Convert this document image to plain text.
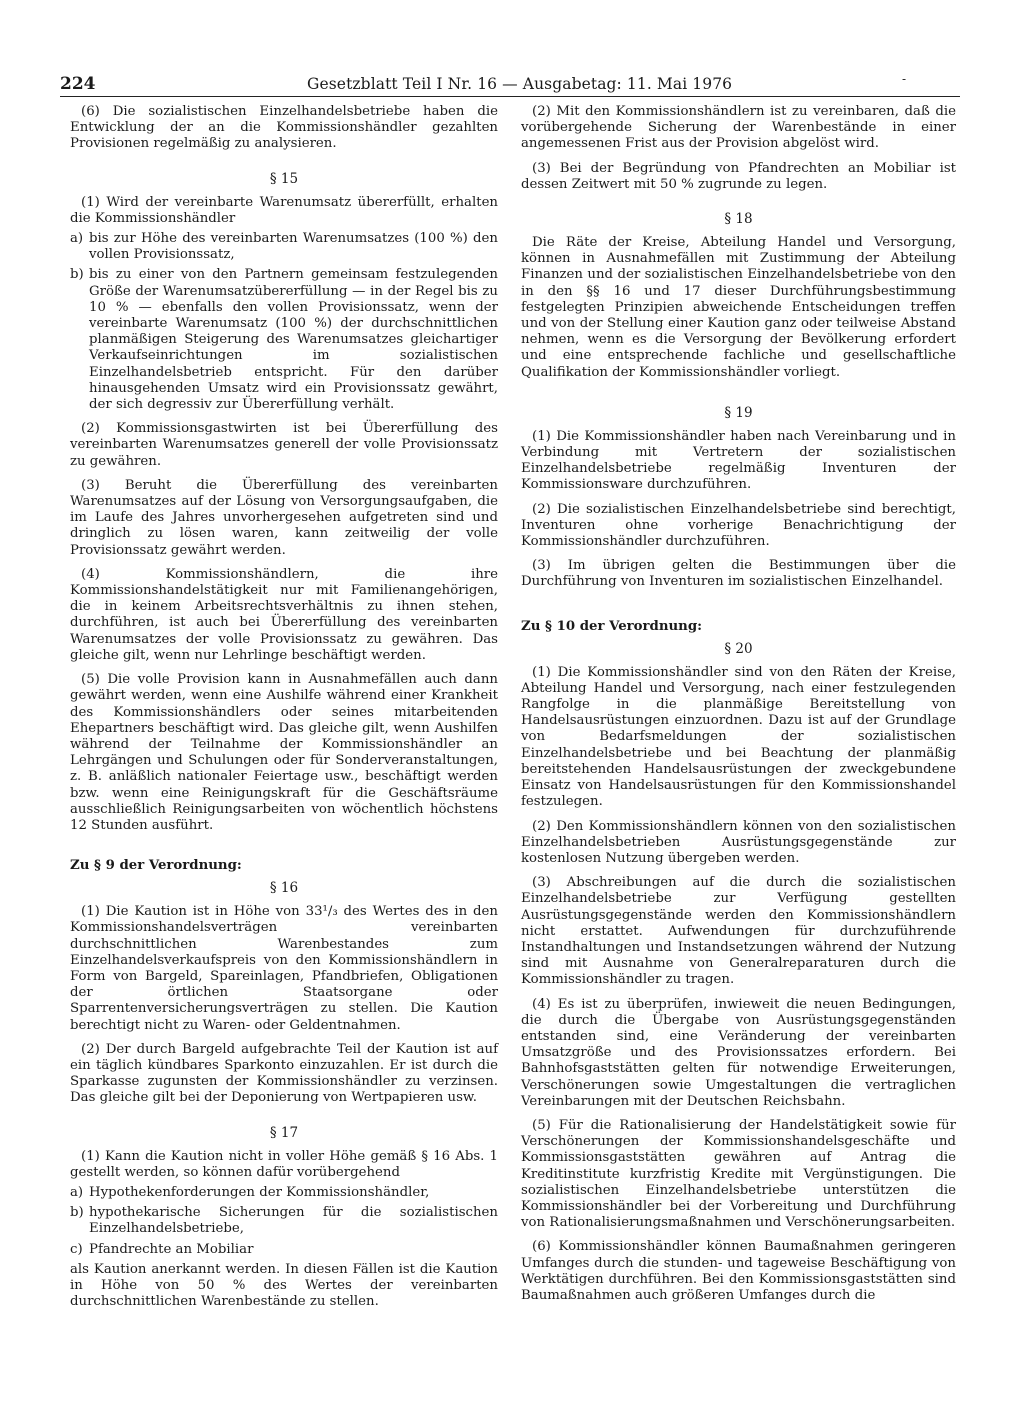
224	Gesetzblatt Teil I Nr. 16 — Ausgabetag: 11. Mai 1976	-

(6) Die sozialistischen Einzelhandelsbetriebe haben die Entwicklung der an die Kommissionshändler gezahlten Provisionen regelmäßig zu analysieren.

§ 15

(1) Wird der vereinbarte Warenumsatz übererfüllt, erhalten die Kommissionshändler

a) bis zur Höhe des vereinbarten Warenumsatzes (100 %) den vollen Provisionssatz,
b) bis zu einer von den Partnern gemeinsam festzulegenden Größe der Warenumsatzübererfüllung — in der Regel bis zu 10 % — ebenfalls den vollen Provisionssatz, wenn der vereinbarte Warenumsatz (100 %) der durchschnittlichen planmäßigen Steigerung des Warenumsatzes gleichartiger Verkaufseinrichtungen im sozialistischen Einzelhandelsbetrieb entspricht. Für den darüber hinausgehenden Umsatz wird ein Provisionssatz gewährt, der sich degressiv zur Übererfüllung verhält.

(2) Kommissionsgastwirten ist bei Übererfüllung des vereinbarten Warenumsatzes generell der volle Provisionssatz zu gewähren.

(3) Beruht die Übererfüllung des vereinbarten Warenumsatzes auf der Lösung von Versorgungsaufgaben, die im Laufe des Jahres unvorhergesehen aufgetreten sind und dringlich zu lösen waren, kann zeitweilig der volle Provisionssatz gewährt werden.

(4) Kommissionshändlern, die ihre Kommissionshandelstätigkeit nur mit Familienangehörigen, die in keinem Arbeitsrechtsverhältnis zu ihnen stehen, durchführen, ist auch bei Übererfüllung des vereinbarten Warenumsatzes der volle Provisionssatz zu gewähren. Das gleiche gilt, wenn nur Lehrlinge beschäftigt werden.

(5) Die volle Provision kann in Ausnahmefällen auch dann gewährt werden, wenn eine Aushilfe während einer Krankheit des Kommissionshändlers oder seines mitarbeitenden Ehepartners beschäftigt wird. Das gleiche gilt, wenn Aushilfen während der Teilnahme der Kommissionshändler an Lehrgängen und Schulungen oder für Sonderveranstaltungen, z. B. anläßlich nationaler Feiertage usw., beschäftigt werden bzw. wenn eine Reinigungskraft für die Geschäftsräume ausschließlich Reinigungsarbeiten von wöchentlich höchstens 12 Stunden ausführt.

Zu § 9 der Verordnung:
§ 16

(1) Die Kaution ist in Höhe von 33¹/₃ des Wertes des in den Kommissionshandelsverträgen vereinbarten durchschnittlichen Warenbestandes zum Einzelhandelsverkaufspreis von den Kommissionshändlern in Form von Bargeld, Spareinlagen, Pfandbriefen, Obligationen der örtlichen Staatsorgane oder Sparrentenversicherungsverträgen zu stellen. Die Kaution berechtigt nicht zu Waren- oder Geldentnahmen.

(2) Der durch Bargeld aufgebrachte Teil der Kaution ist auf ein täglich kündbares Sparkonto einzuzahlen. Er ist durch die Sparkasse zugunsten der Kommissionshändler zu verzinsen. Das gleiche gilt bei der Deponierung von Wertpapieren usw.

§ 17

(1) Kann die Kaution nicht in voller Höhe gemäß § 16 Abs. 1 gestellt werden, so können dafür vorübergehend

a) Hypothekenforderungen der Kommissionshändler,
b) hypothekarische Sicherungen für die sozialistischen Einzelhandelsbetriebe,
c) Pfandrechte an Mobiliar

als Kaution anerkannt werden. In diesen Fällen ist die Kaution in Höhe von 50 % des Wertes der vereinbarten durchschnittlichen Warenbestände zu stellen.

(2) Mit den Kommissionshändlern ist zu vereinbaren, daß die vorübergehende Sicherung der Warenbestände in einer angemessenen Frist aus der Provision abgelöst wird.

(3) Bei der Begründung von Pfandrechten an Mobiliar ist dessen Zeitwert mit 50 % zugrunde zu legen.

§ 18

Die Räte der Kreise, Abteilung Handel und Versorgung, können in Ausnahmefällen mit Zustimmung der Abteilung Finanzen und der sozialistischen Einzelhandelsbetriebe von den in den §§ 16 und 17 dieser Durchführungsbestimmung festgelegten Prinzipien abweichende Entscheidungen treffen und von der Stellung einer Kaution ganz oder teilweise Abstand nehmen, wenn es die Versorgung der Bevölkerung erfordert und eine entsprechende fachliche und gesellschaftliche Qualifikation der Kommissionshändler vorliegt.

§ 19

(1) Die Kommissionshändler haben nach Vereinbarung und in Verbindung mit Vertretern der sozialistischen Einzelhandelsbetriebe regelmäßig Inventuren der Kommissionsware durchzuführen.

(2) Die sozialistischen Einzelhandelsbetriebe sind berechtigt, Inventuren ohne vorherige Benachrichtigung der Kommissionshändler durchzuführen.

(3) Im übrigen gelten die Bestimmungen über die Durchführung von Inventuren im sozialistischen Einzelhandel.

Zu § 10 der Verordnung:
§ 20

(1) Die Kommissionshändler sind von den Räten der Kreise, Abteilung Handel und Versorgung, nach einer festzulegenden Rangfolge in die planmäßige Bereitstellung von Handelsausrüstungen einzuordnen. Dazu ist auf der Grundlage von Bedarfsmeldungen der sozialistischen Einzelhandelsbetriebe und bei Beachtung der planmäßig bereitstehenden Handelsausrüstungen der zweckgebundene Einsatz von Handelsausrüstungen für den Kommissionshandel festzulegen.

(2) Den Kommissionshändlern können von den sozialistischen Einzelhandelsbetrieben Ausrüstungsgegenstände zur kostenlosen Nutzung übergeben werden.

(3) Abschreibungen auf die durch die sozialistischen Einzelhandelsbetriebe zur Verfügung gestellten Ausrüstungsgegenstände werden den Kommissionshändlern nicht erstattet. Aufwendungen für durchzuführende Instandhaltungen und Instandsetzungen während der Nutzung sind mit Ausnahme von Generalreparaturen durch die Kommissionshändler zu tragen.

(4) Es ist zu überprüfen, inwieweit die neuen Bedingungen, die durch die Übergabe von Ausrüstungsgegenständen entstanden sind, eine Veränderung der vereinbarten Umsatzgröße und des Provisionssatzes erfordern. Bei Bahnhofsgaststätten gelten für notwendige Erweiterungen, Verschönerungen sowie Umgestaltungen die vertraglichen Vereinbarungen mit der Deutschen Reichsbahn.

(5) Für die Rationalisierung der Handelstätigkeit sowie für Verschönerungen der Kommissionshandelsgeschäfte und Kommissionsgaststätten gewähren auf Antrag die Kreditinstitute kurzfristig Kredite mit Vergünstigungen. Die sozialistischen Einzelhandelsbetriebe unterstützen die Kommissionshändler bei der Vorbereitung und Durchführung von Rationalisierungsmaßnahmen und Verschönerungsarbeiten.

(6) Kommissionshändler können Baumaßnahmen geringeren Umfanges durch die stunden- und tageweise Beschäftigung von Werktätigen durchführen. Bei den Kommissionsgaststätten sind Baumaßnahmen auch größeren Umfanges durch die
